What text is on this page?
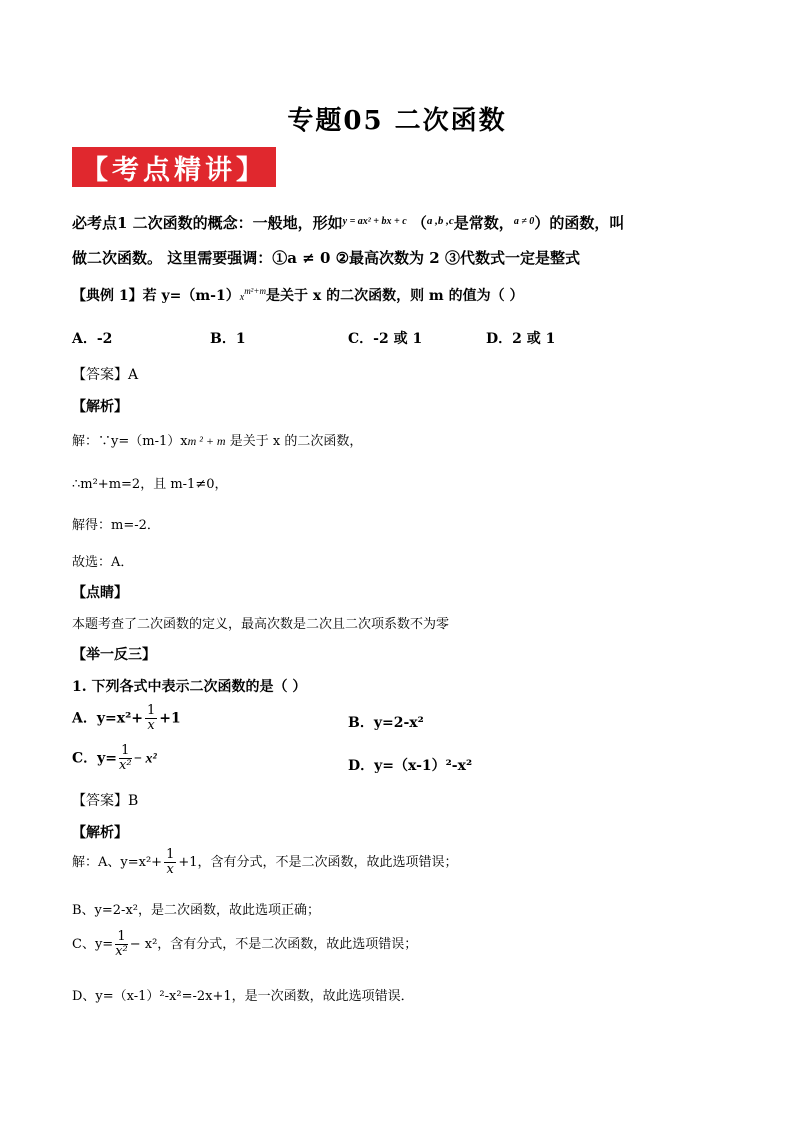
专题05 二次函数
【考点精讲】
必考点1 二次函数的概念：一般地，形如$^{y = ax^2 + bx + c}$ （$^{a ,b ,c}$是常数，$^{a \ne 0}$）的函数，叫
做二次函数。 这里需要强调：①a ≠ 0 ②最高次数为 2 ③代数式一定是整式
【典例 1】若 $y=(m-1)x^{m^2+m}$是关于 x 的二次函数，则 m 的值为（ ）
A．-2	B．1	C．-2 或 1	D．2 或 1
【答案】A
【解析】
解：∵y=（m-1）xm ² + m 是关于 x 的二次函数，
∴m²+m=2，且 m-1≠0，
解得：m=-2．
故选：A．
【点睛】
本题考查了二次函数的定义，最高次数是二次且二次项系数不为零
【举一反三】
1. 下列各式中表示二次函数的是（ ）
A．$y=x^2+ \frac{1}{x} +1$	B．y=2-x²
C．$y= \frac{1}{\text{x²}} - x^2$	D．y=（x-1）²-x²
【答案】B
【解析】
解：A、$y=x^2+ \frac{1}{x} +1$，含有分式，不是二次函数，故此选项错误；
B、y=2-x²，是二次函数，故此选项正确；
C、$y= \frac{1}{\text{x²}} - x^2$，含有分式，不是二次函数，故此选项错误；
D、y=（x-1）²-x²=-2x+1，是一次函数，故此选项错误．
